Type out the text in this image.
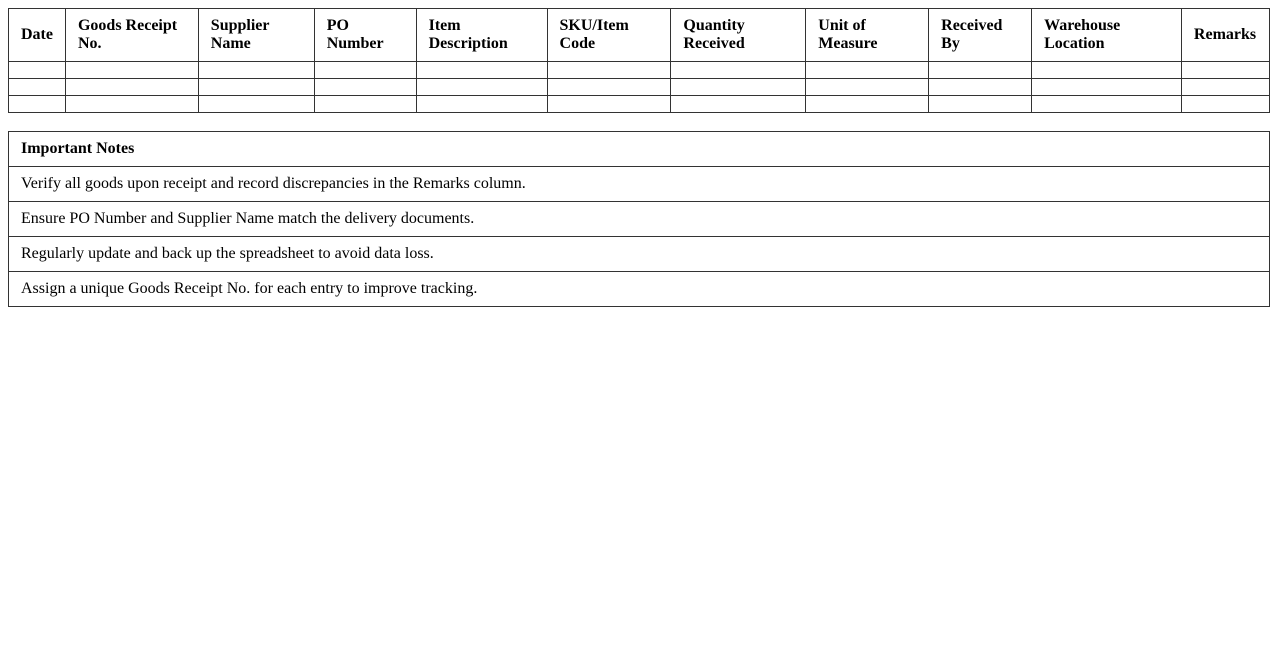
Date	Goods Receipt No.	Supplier Name	PO Number	Item Description	SKU/Item Code	Quantity Received	Unit of Measure	Received By	Warehouse Location	Remarks

Important Notes
Verify all goods upon receipt and record discrepancies in the Remarks column.
Ensure PO Number and Supplier Name match the delivery documents.
Regularly update and back up the spreadsheet to avoid data loss.
Assign a unique Goods Receipt No. for each entry to improve tracking.
